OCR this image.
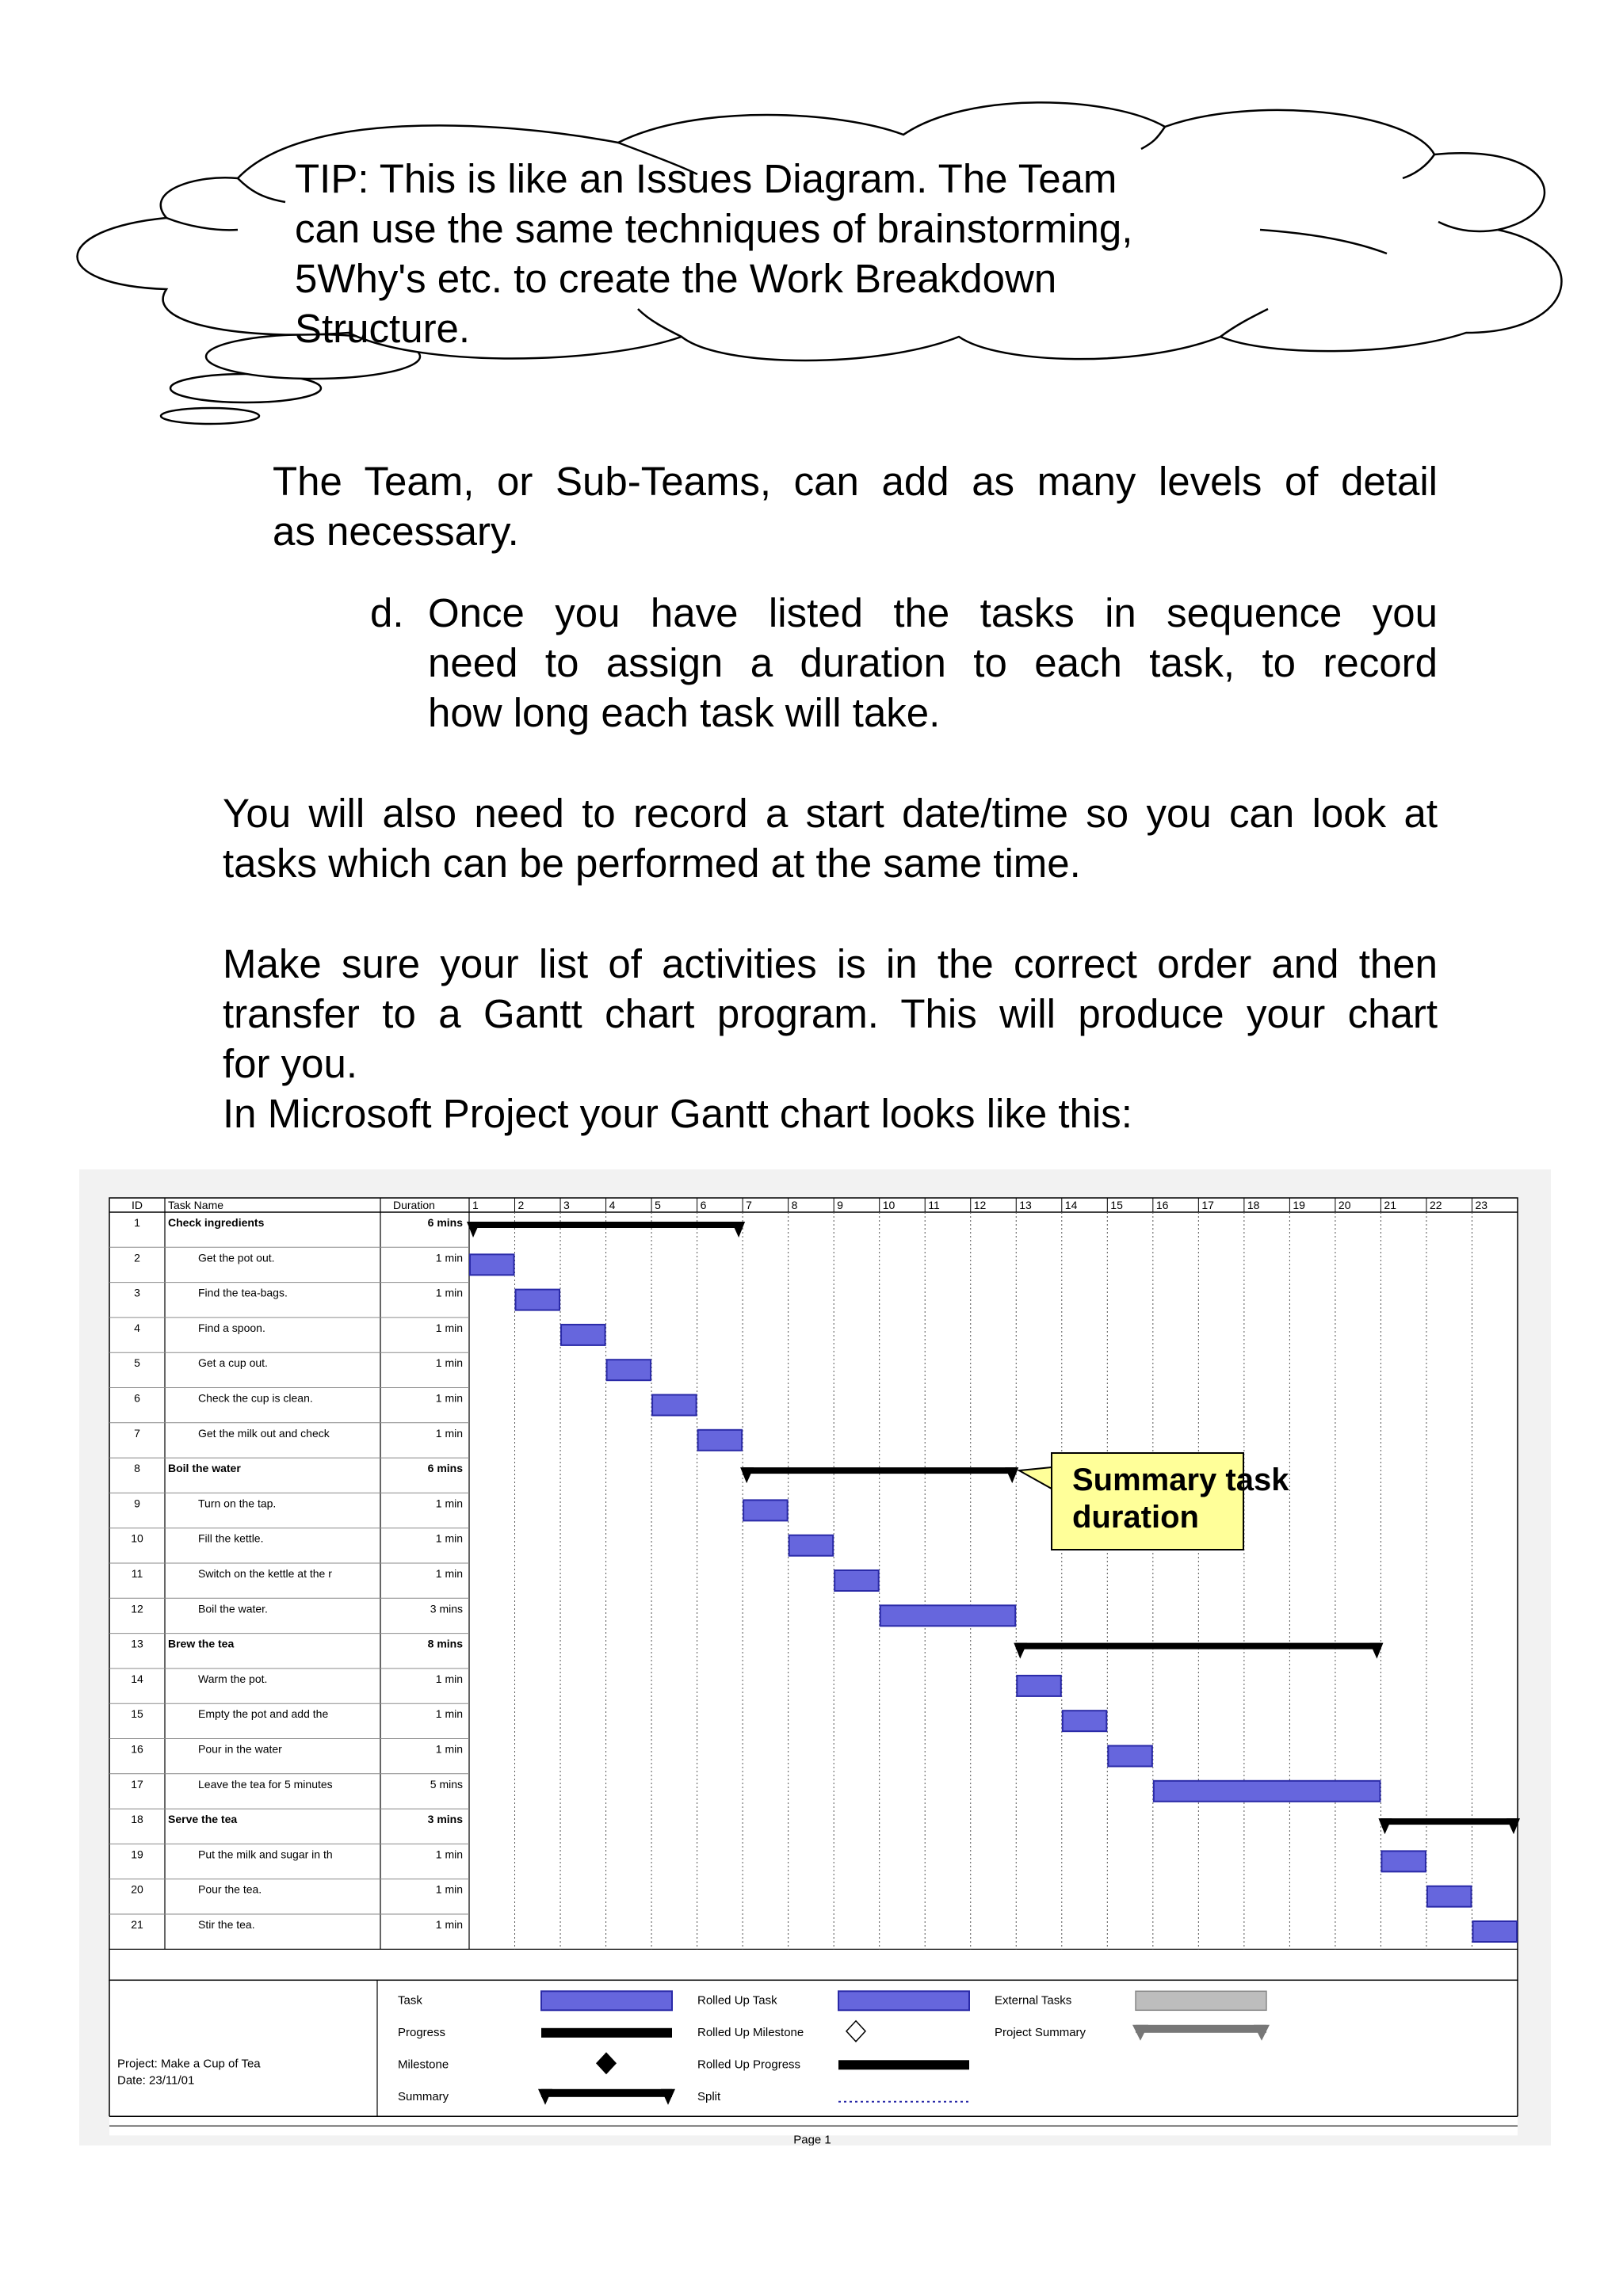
TIP: This is like an Issues Diagram. The Team
can use the same techniques of brainstorming,
5Why's etc. to create the Work Breakdown
Structure.
The Team, or Sub-Teams, can add as many levels of detail
as necessary.
d. Once you have listed the tasks in sequence you
need to assign a duration to each task, to record
how long each task will take.
You will also need to record a start date/time so you can look at
tasks which can be performed at the same time.
Make sure your list of activities is in the correct order and then
transfer to a Gantt chart program. This will produce your chart
for you.
In Microsoft Project your Gantt chart looks like this:
ID Task Name	Duration	1	2	3	4	5	6	7	8	9	10	11	12	13	14	15	16	17	18	19	20	21	22	23
1	Check ingredients	6 mins
2	Get the pot out.	1 min
3	Find the tea-bags.	1 min
4	Find a spoon.	1 min
5	Get a cup out.	1 min
6	Check the cup is clean.	1 min
7	Get the milk out and check	1 min
8	Boil the water	6 mins
9	Turn on the tap.	1 min
10	Fill the kettle.	1 min
11	Switch on the kettle at the r	1 min
12	Boil the water.	3 mins
13 Brew the tea	8 mins
14	Warm the pot.	1 min
15	Empty the pot and add the	1 min
16	Pour in the water	1 min
17	Leave the tea for 5 minutes	5 mins
18 Serve the tea	3 mins
19	Put the milk and sugar in th	1 min
20	Pour the tea.	1 min
21	Stir the tea.	1 min
Summary task
duration
Project: Make a Cup of Tea
Date: 23/11/01
Task
Progress
Milestone
Summary
Rolled Up Task
Rolled Up Milestone
Rolled Up Progress
Split
External Tasks
Project Summary
Page 1
